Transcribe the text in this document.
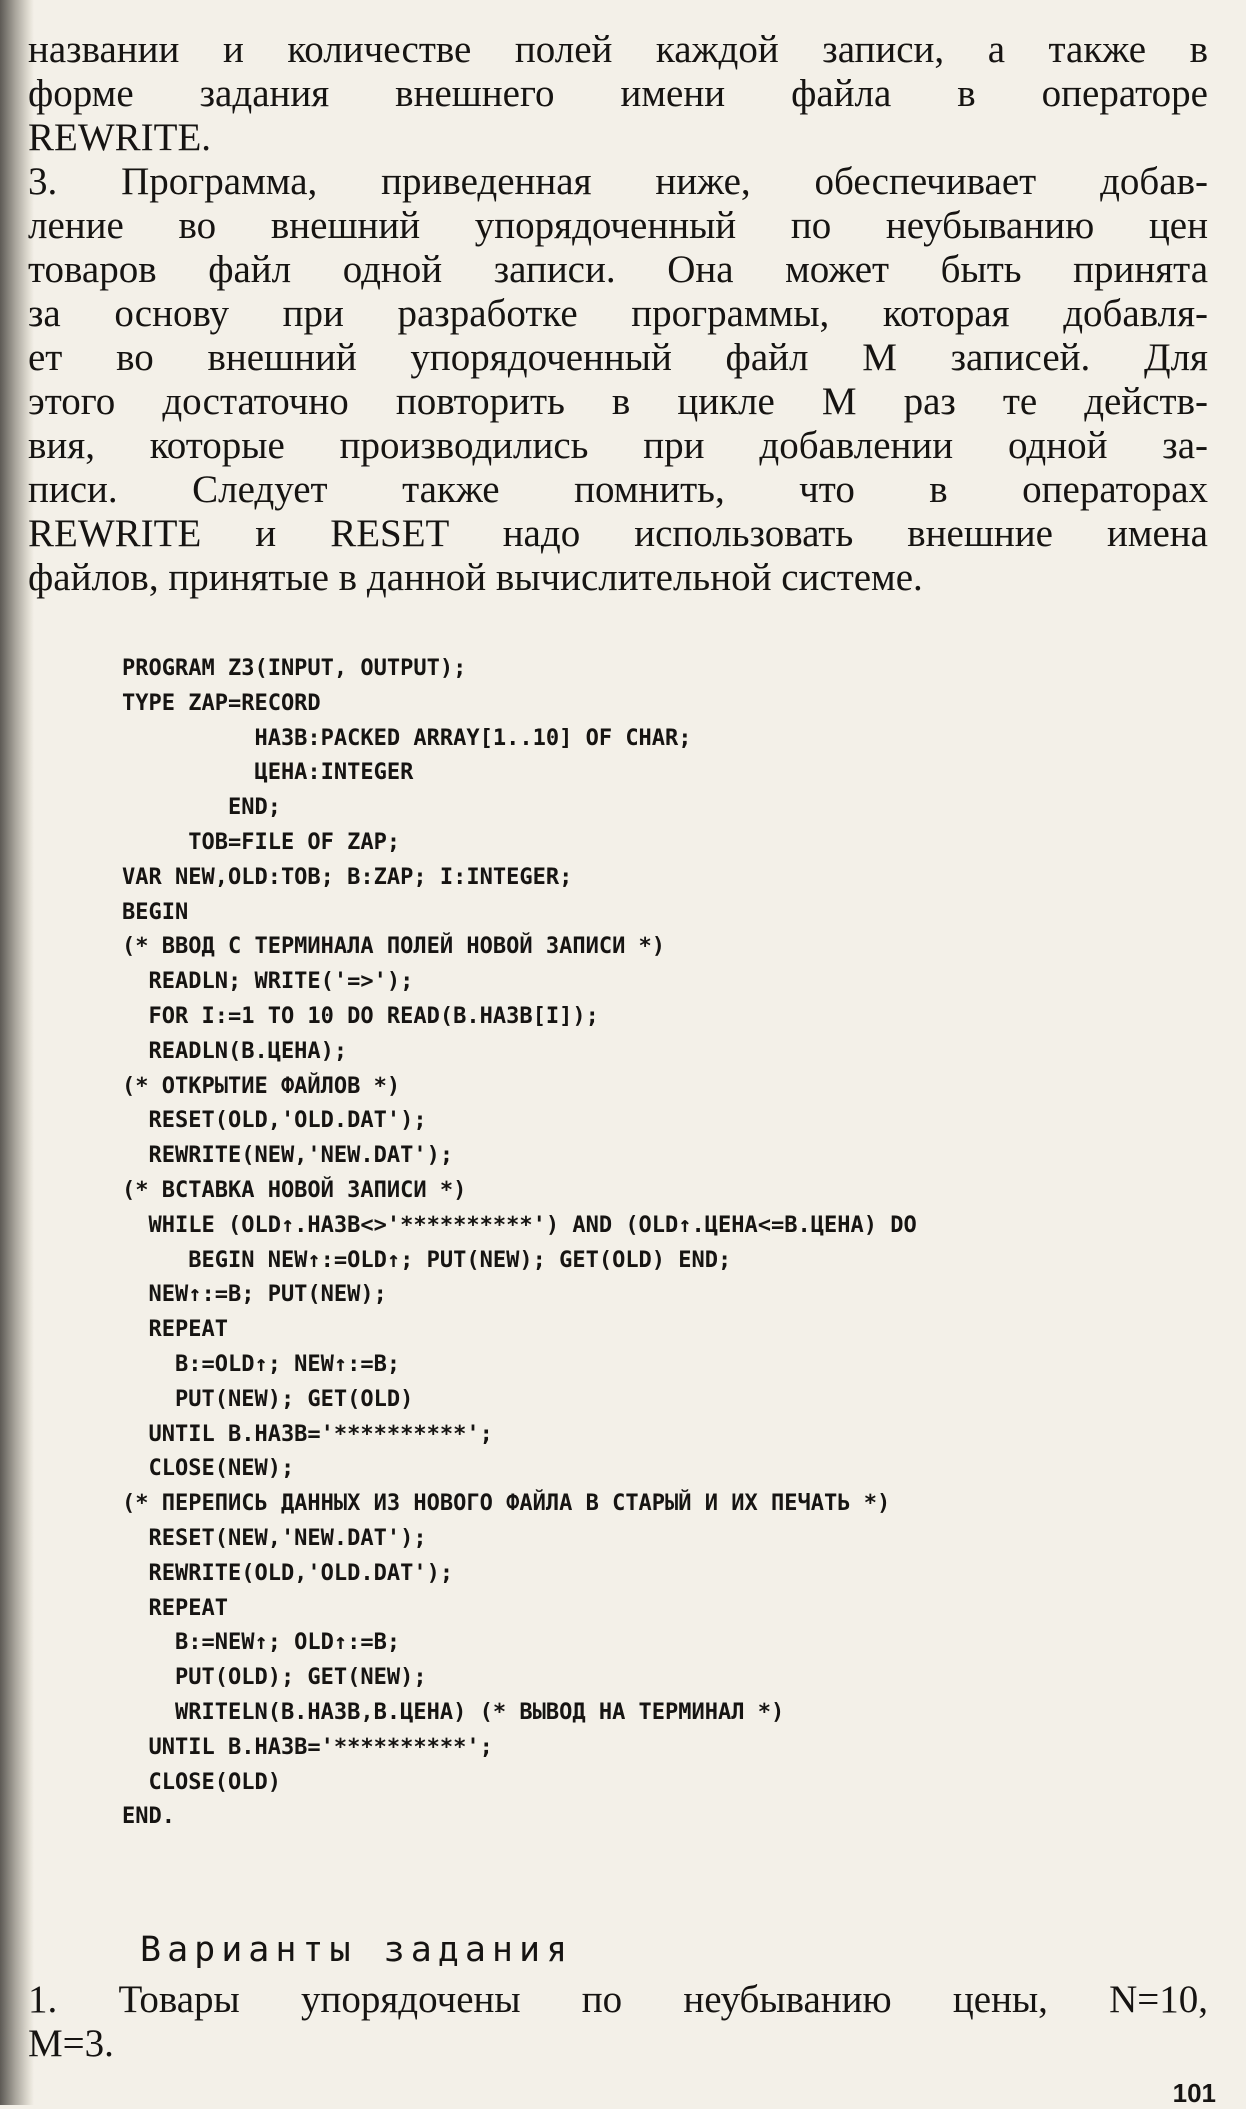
названии и количестве полей каждой записи, а также в
форме задания внешнего имени файла в операторе
REWRITE.

3. Программа, приведенная ниже, обеспечивает добав-
ление во внешний упорядоченный по неубыванию цен
товаров файл одной записи. Она может быть принята
за основу при разработке программы, которая добавля-
ет во внешний упорядоченный файл М записей. Для
этого достаточно повторить в цикле М раз те действ-
вия, которые производились при добавлении одной за-
писи. Следует также помнить, что в операторах
REWRITE и RESET надо использовать внешние имена
файлов, принятые в данной вычислительной системе.

PROGRAM Z3(INPUT, OUTPUT);
TYPE ZAP=RECORD
НАЗВ:PACKED ARRAY[1..10] OF CHAR;
ЦЕНА:INTEGER
END;
TOB=FILE OF ZAP;
VAR NEW,OLD:TOB; B:ZAP; I:INTEGER;
BEGIN
(* ВВОД С ТЕРМИНАЛА ПОЛЕЙ НОВОЙ ЗАПИСИ *)
READLN; WRITE('=>');
FOR I:=1 TO 10 DO READ(B.НАЗВ[I]);
READLN(B.ЦЕНА);
(* ОТКРЫТИЕ ФАЙЛОВ *)
RESET(OLD,'OLD.DAT');
REWRITE(NEW,'NEW.DAT');
(* ВСТАВКА НОВОЙ ЗАПИСИ *)
WHILE (OLD↑.НАЗВ<>'**********') AND (OLD↑.ЦЕНА<=B.ЦЕНА) DO
BEGIN NEW↑:=OLD↑; PUT(NEW); GET(OLD) END;
NEW↑:=B; PUT(NEW);
REPEAT
B:=OLD↑; NEW↑:=B;
PUT(NEW); GET(OLD)
UNTIL B.НАЗВ='**********';
CLOSE(NEW);
(* ПЕРЕПИСЬ ДАННЫХ ИЗ НОВОГО ФАЙЛА В СТАРЫЙ И ИХ ПЕЧАТЬ *)
RESET(NEW,'NEW.DAT');
REWRITE(OLD,'OLD.DAT');
REPEAT
B:=NEW↑; OLD↑:=B;
PUT(OLD); GET(NEW);
WRITELN(B.НАЗВ,B.ЦЕНА) (* ВЫВОД НА ТЕРМИНАЛ *)
UNTIL B.НАЗВ='**********';
CLOSE(OLD)
END.
Варианты задания

1. Товары упорядочены по неубыванию цены, N=10,
M=3.

101
